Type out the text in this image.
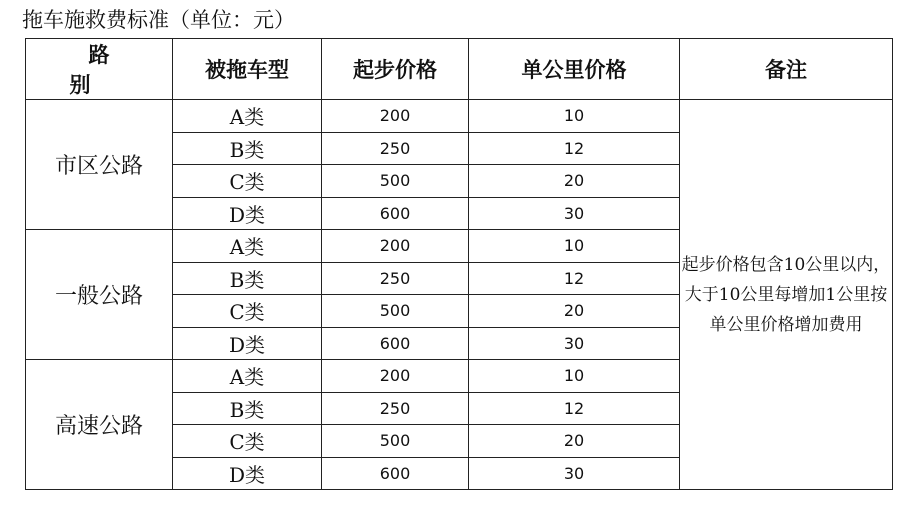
拖车施救费标准（单位：元）
路别	被拖车型	起步价格	单公里价格	备注
市区公路	A类	200	10	起步价格包含10公里以内，大于10公里每增加1公里按单公里价格增加费用
	B类	250	12	
	C类	500	20	
	D类	600	30	
一般公路	A类	200	10	
	B类	250	12	
	C类	500	20	
	D类	600	30	
高速公路	A类	200	10	
	B类	250	12	
	C类	500	20	
	D类	600	30	
